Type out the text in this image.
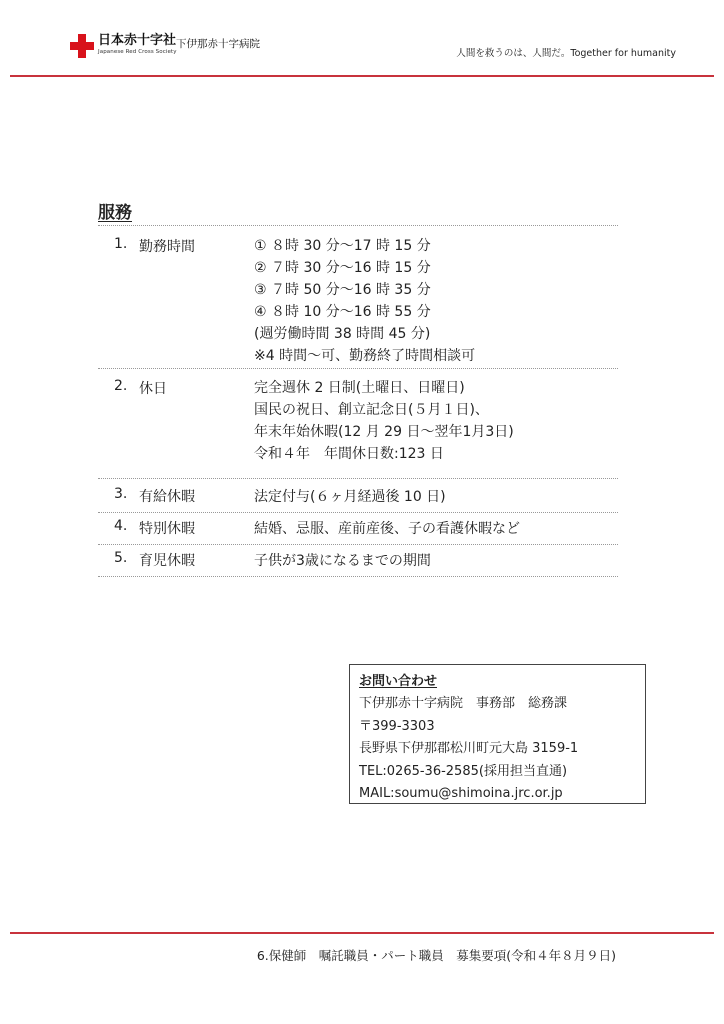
日本赤十字社
Japanese Red Cross Society
下伊那赤十字病院
人間を救うのは、人間だ。Together for humanity
服務
1. 勤務時間	① ８時 30 分～17 時 15 分
② ７時 30 分～16 時 15 分
③ ７時 50 分～16 時 35 分
④ ８時 10 分～16 時 55 分
(週労働時間 38 時間 45 分)
※4 時間～可、勤務終了時間相談可
2. 休日	完全週休 2 日制(土曜日、日曜日)
国民の祝日、創立記念日(５月１日)、
年末年始休暇(12 月 29 日～翌年1月3日)
令和４年　年間休日数:123 日
3. 有給休暇	法定付与(６ヶ月経過後 10 日)
4. 特別休暇	結婚、忌服、産前産後、子の看護休暇など
5. 育児休暇	子供が3歳になるまでの期間
お問い合わせ
下伊那赤十字病院　事務部　総務課
〒399-3303
長野県下伊那郡松川町元大島 3159-1
TEL:0265-36-2585(採用担当直通)
MAIL:soumu@shimoina.jrc.or.jp
6.保健師　嘱託職員・パート職員　募集要項(令和４年８月９日)
